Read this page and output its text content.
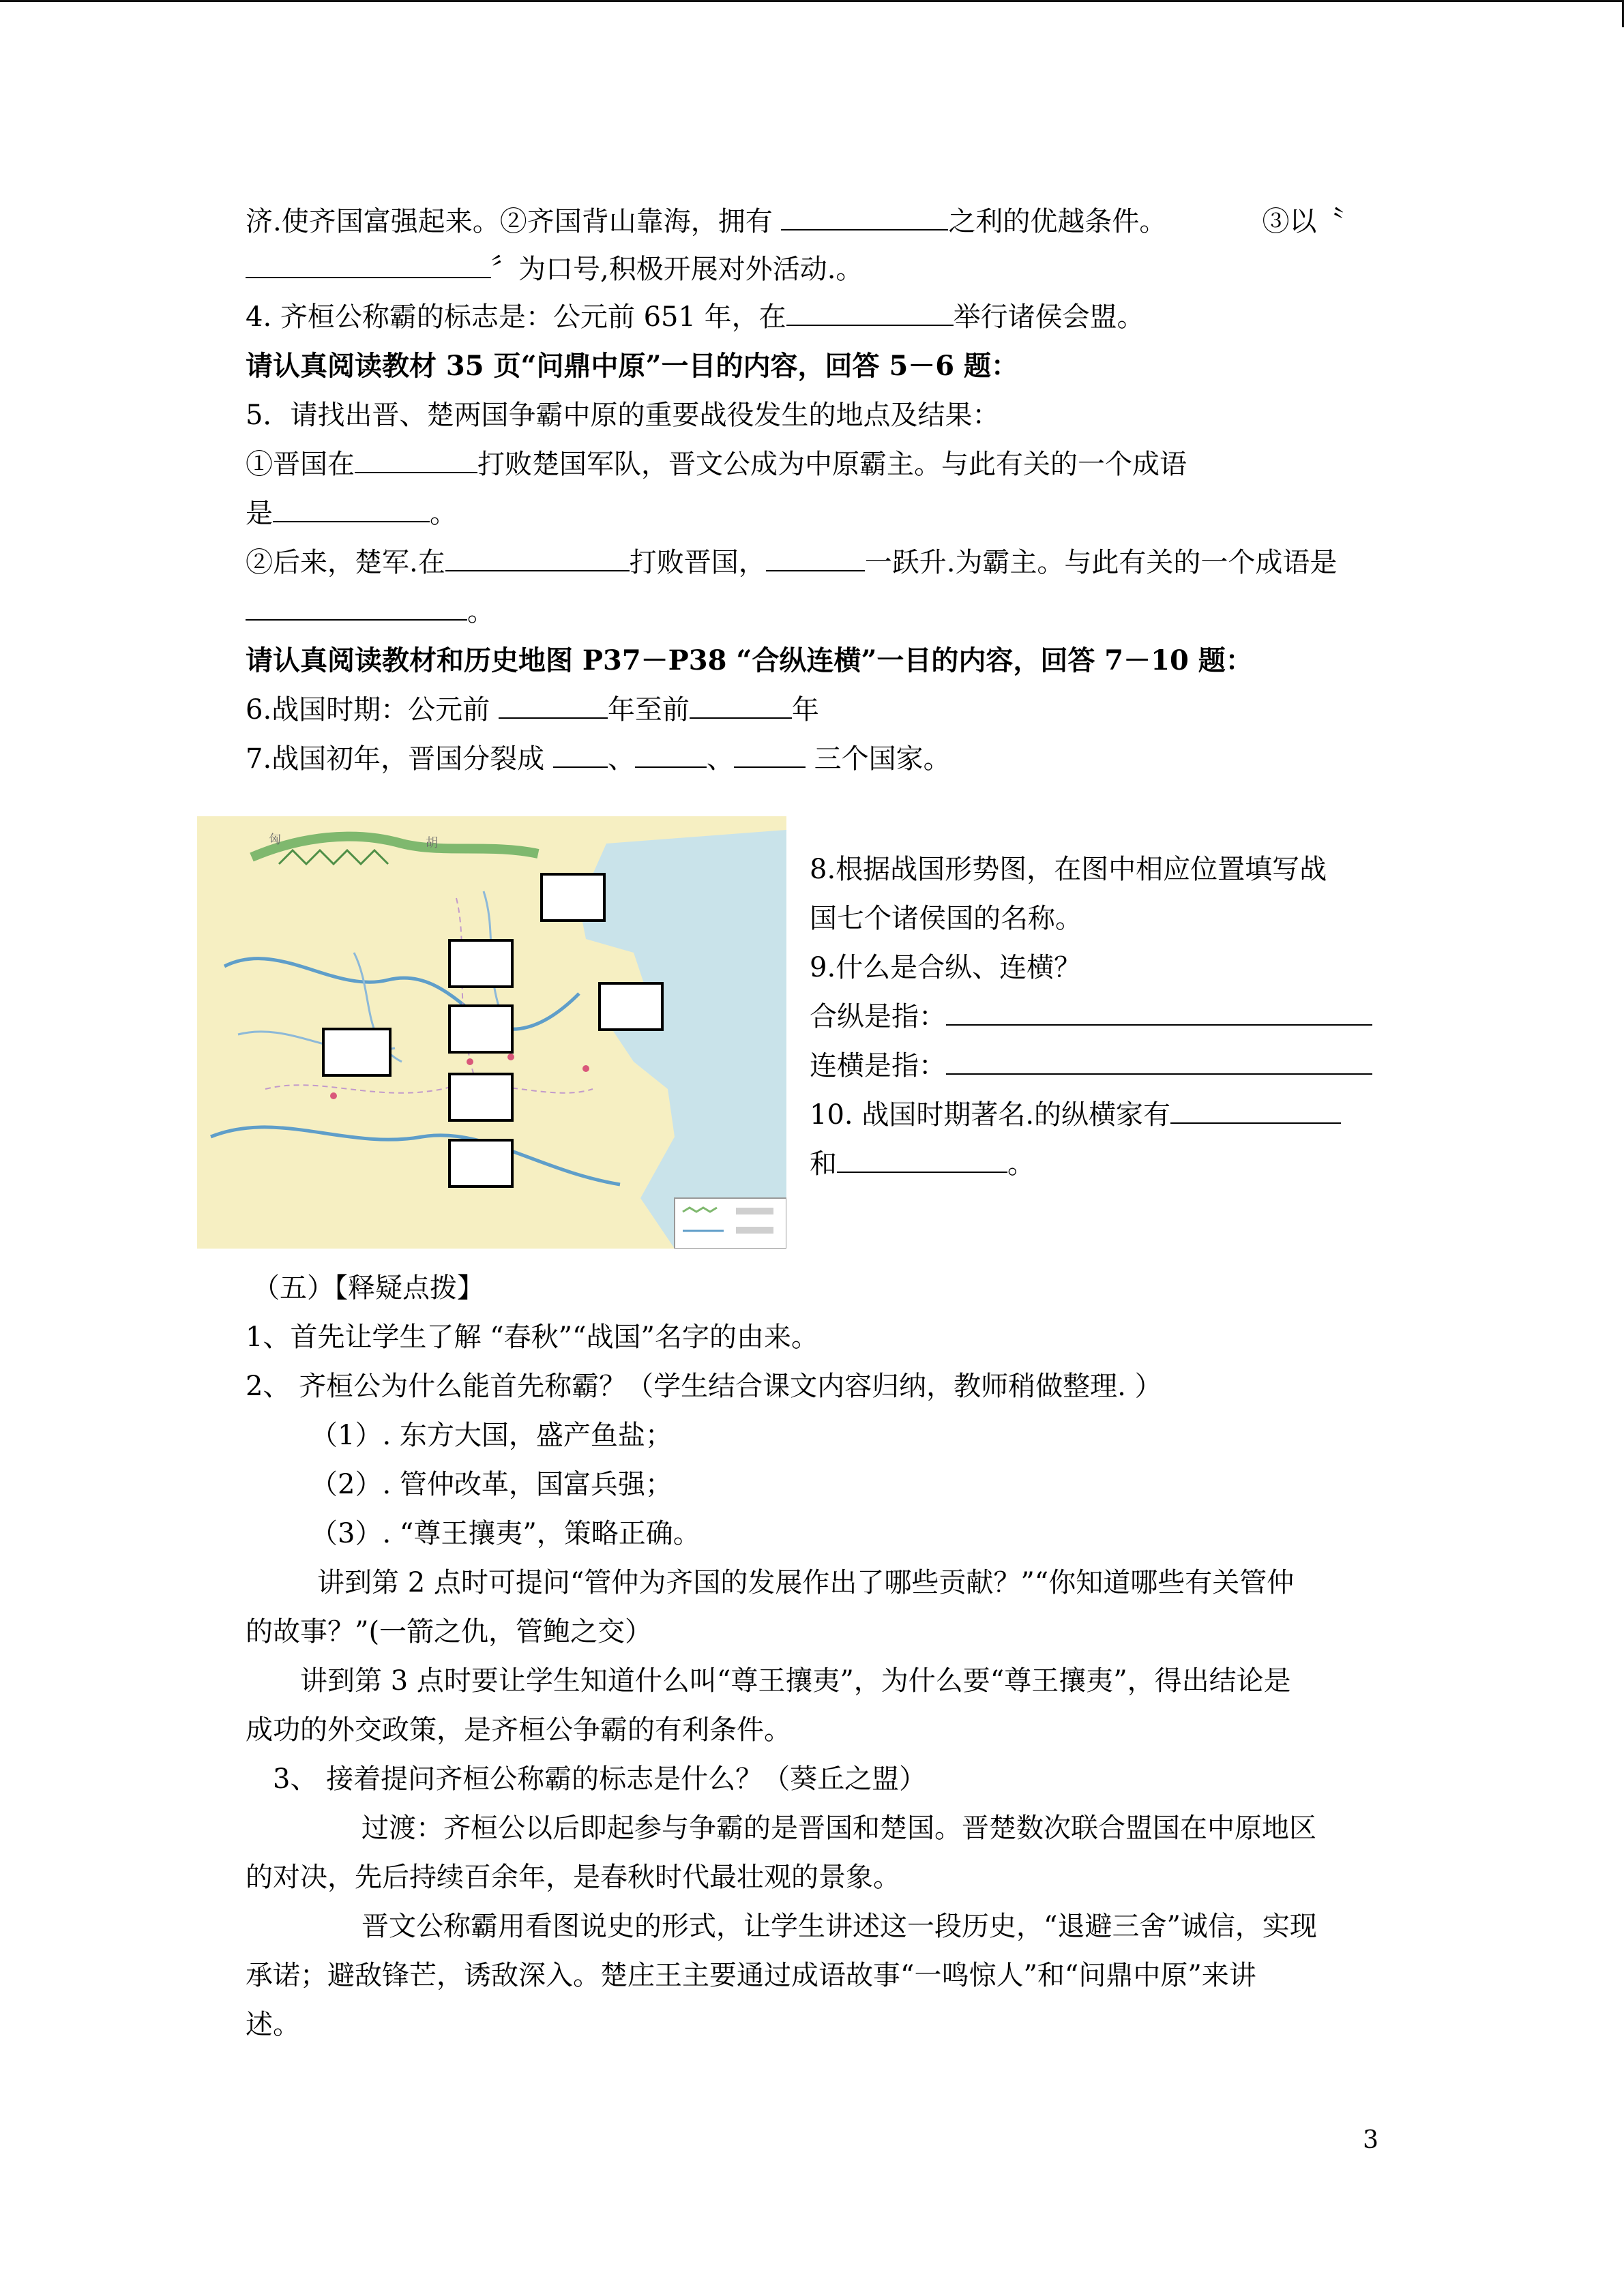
济.使齐国富强起来。②齐国背山靠海，拥有	之利的优越条件。	③以〝
〞为口号,积极开展对外活动.。
4. 齐桓公称霸的标志是：公元前 651 年，在	举行诸侯会盟。
请认真阅读教材 35 页“问鼎中原”一目的内容，回答 5－6 题：
5．请找出晋、楚两国争霸中原的重要战役发生的地点及结果：
①晋国在	打败楚国军队，晋文公成为中原霸主。与此有关的一个成语
是	。
②后来，楚军.在	打败晋国，	一跃升.为霸主。与此有关的一个成语是
。
请认真阅读教材和历史地图 P37－P38 “合纵连横”一目的内容，回答 7－10 题：
6.战国时期：公元前	年至前	年
7.战国初年，晋国分裂成 、	、	三个国家。
8.根据战国形势图，在图中相应位置填写战
国七个诸侯国的名称。
9.什么是合纵、连横？
合纵是指：
连横是指：
10. 战国时期著名.的纵横家有
和	。
（五）【释疑点拨】
1、首先让学生了解 “春秋”“战国”名字的由来。
2、 齐桓公为什么能首先称霸？（学生结合课文内容归纳，教师稍做整理. ）
（1）. 东方大国，盛产鱼盐；
（2）. 管仲改革，国富兵强；
（3）. “尊王攘夷”，策略正确。
讲到第 2 点时可提问“管仲为齐国的发展作出了哪些贡献？”“你知道哪些有关管仲
的故事？”(一箭之仇，管鲍之交）
讲到第 3 点时要让学生知道什么叫“尊王攘夷”，为什么要“尊王攘夷”，得出结论是
成功的外交政策，是齐桓公争霸的有利条件。
3、 接着提问齐桓公称霸的标志是什么？（葵丘之盟）
过渡：齐桓公以后即起参与争霸的是晋国和楚国。晋楚数次联合盟国在中原地区
的对决，先后持续百余年，是春秋时代最壮观的景象。
晋文公称霸用看图说史的形式，让学生讲述这一段历史，“退避三舍”诚信，实现
承诺；避敌锋芒，诱敌深入。楚庄王主要通过成语故事“一鸣惊人”和“问鼎中原”来讲
述。
匈	胡
3
